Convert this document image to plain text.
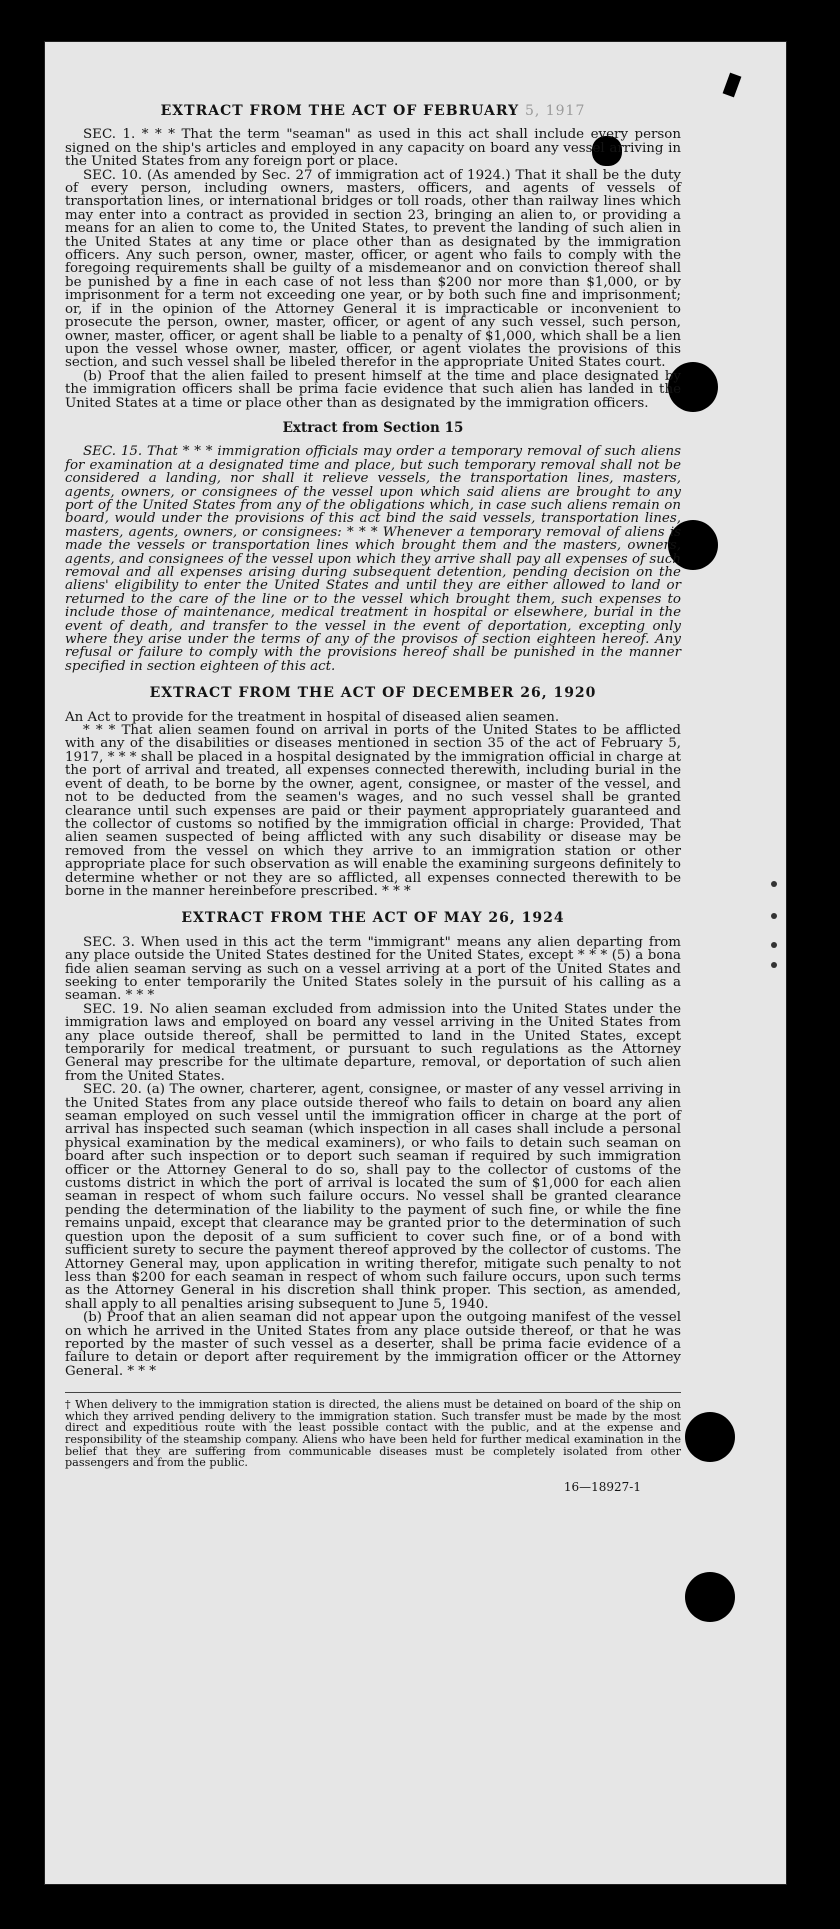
EXTRACT FROM THE ACT OF FEBRUARY 5, 1917

SEC. 1. * * * That the term "seaman" as used in this act shall include every person signed on the ship's articles and employed in any capacity on board any vessel arriving in the United States from any foreign port or place.

SEC. 10. (As amended by Sec. 27 of immigration act of 1924.) That it shall be the duty of every person, including owners, masters, officers, and agents of vessels of transportation lines, or international bridges or toll roads, other than railway lines which may enter into a contract as provided in section 23, bringing an alien to, or providing a means for an alien to come to, the United States, to prevent the landing of such alien in the United States at any time or place other than as designated by the immigration officers. Any such person, owner, master, officer, or agent who fails to comply with the foregoing requirements shall be guilty of a misdemeanor and on conviction thereof shall be punished by a fine in each case of not less than $200 nor more than $1,000, or by imprisonment for a term not exceeding one year, or by both such fine and imprisonment; or, if in the opinion of the Attorney General it is impracticable or inconvenient to prosecute the person, owner, master, officer, or agent of any such vessel, such person, owner, master, officer, or agent shall be liable to a penalty of $1,000, which shall be a lien upon the vessel whose owner, master, officer, or agent violates the provisions of this section, and such vessel shall be libeled therefor in the appropriate United States court.

(b) Proof that the alien failed to present himself at the time and place designated by the immigration officers shall be prima facie evidence that such alien has landed in the United States at a time or place other than as designated by the immigration officers.

Extract from Section 15

SEC. 15. That * * * immigration officials may order a temporary removal of such aliens for examination at a designated time and place, but such temporary removal shall not be considered a landing, nor shall it relieve vessels, the transportation lines, masters, agents, owners, or consignees of the vessel upon which said aliens are brought to any port of the United States from any of the obligations which, in case such aliens remain on board, would under the provisions of this act bind the said vessels, transportation lines, masters, agents, owners, or consignees: * * * Whenever a temporary removal of aliens is made the vessels or transportation lines which brought them and the masters, owners, agents, and consignees of the vessel upon which they arrive shall pay all expenses of such removal and all expenses arising during subsequent detention, pending decision on the aliens' eligibility to enter the United States and until they are either allowed to land or returned to the care of the line or to the vessel which brought them, such expenses to include those of maintenance, medical treatment in hospital or elsewhere, burial in the event of death, and transfer to the vessel in the event of deportation, excepting only where they arise under the terms of any of the provisos of section eighteen hereof. Any refusal or failure to comply with the provisions hereof shall be punished in the manner specified in section eighteen of this act.

EXTRACT FROM THE ACT OF DECEMBER 26, 1920

An Act to provide for the treatment in hospital of diseased alien seamen.

* * * That alien seamen found on arrival in ports of the United States to be afflicted with any of the disabilities or diseases mentioned in section 35 of the act of February 5, 1917, * * * shall be placed in a hospital designated by the immigration official in charge at the port of arrival and treated, all expenses connected therewith, including burial in the event of death, to be borne by the owner, agent, consignee, or master of the vessel, and not to be deducted from the seamen's wages, and no such vessel shall be granted clearance until such expenses are paid or their payment appropriately guaranteed and the collector of customs so notified by the immigration official in charge: Provided, That alien seamen suspected of being afflicted with any such disability or disease may be removed from the vessel on which they arrive to an immigration station or other appropriate place for such observation as will enable the examining surgeons definitely to determine whether or not they are so afflicted, all expenses connected therewith to be borne in the manner hereinbefore prescribed. * * *

EXTRACT FROM THE ACT OF MAY 26, 1924

SEC. 3. When used in this act the term "immigrant" means any alien departing from any place outside the United States destined for the United States, except * * * (5) a bona fide alien seaman serving as such on a vessel arriving at a port of the United States and seeking to enter temporarily the United States solely in the pursuit of his calling as a seaman. * * *

SEC. 19. No alien seaman excluded from admission into the United States under the immigration laws and employed on board any vessel arriving in the United States from any place outside thereof, shall be permitted to land in the United States, except temporarily for medical treatment, or pursuant to such regulations as the Attorney General may prescribe for the ultimate departure, removal, or deportation of such alien from the United States.

SEC. 20. (a) The owner, charterer, agent, consignee, or master of any vessel arriving in the United States from any place outside thereof who fails to detain on board any alien seaman employed on such vessel until the immigration officer in charge at the port of arrival has inspected such seaman (which inspection in all cases shall include a personal physical examination by the medical examiners), or who fails to detain such seaman on board after such inspection or to deport such seaman if required by such immigration officer or the Attorney General to do so, shall pay to the collector of customs of the customs district in which the port of arrival is located the sum of $1,000 for each alien seaman in respect of whom such failure occurs. No vessel shall be granted clearance pending the determination of the liability to the payment of such fine, or while the fine remains unpaid, except that clearance may be granted prior to the determination of such question upon the deposit of a sum sufficient to cover such fine, or of a bond with sufficient surety to secure the payment thereof approved by the collector of customs. The Attorney General may, upon application in writing therefor, mitigate such penalty to not less than $200 for each seaman in respect of whom such failure occurs, upon such terms as the Attorney General in his discretion shall think proper. This section, as amended, shall apply to all penalties arising subsequent to June 5, 1940.

(b) Proof that an alien seaman did not appear upon the outgoing manifest of the vessel on which he arrived in the United States from any place outside thereof, or that he was reported by the master of such vessel as a deserter, shall be prima facie evidence of a failure to detain or deport after requirement by the immigration officer or the Attorney General. * * *

† When delivery to the immigration station is directed, the aliens must be detained on board of the ship on which they arrived pending delivery to the immigration station. Such transfer must be made by the most direct and expeditious route with the least possible contact with the public, and at the expense and responsibility of the steamship company. Aliens who have been held for further medical examination in the belief that they are suffering from communicable diseases must be completely isolated from other passengers and from the public.
16—18927-1
